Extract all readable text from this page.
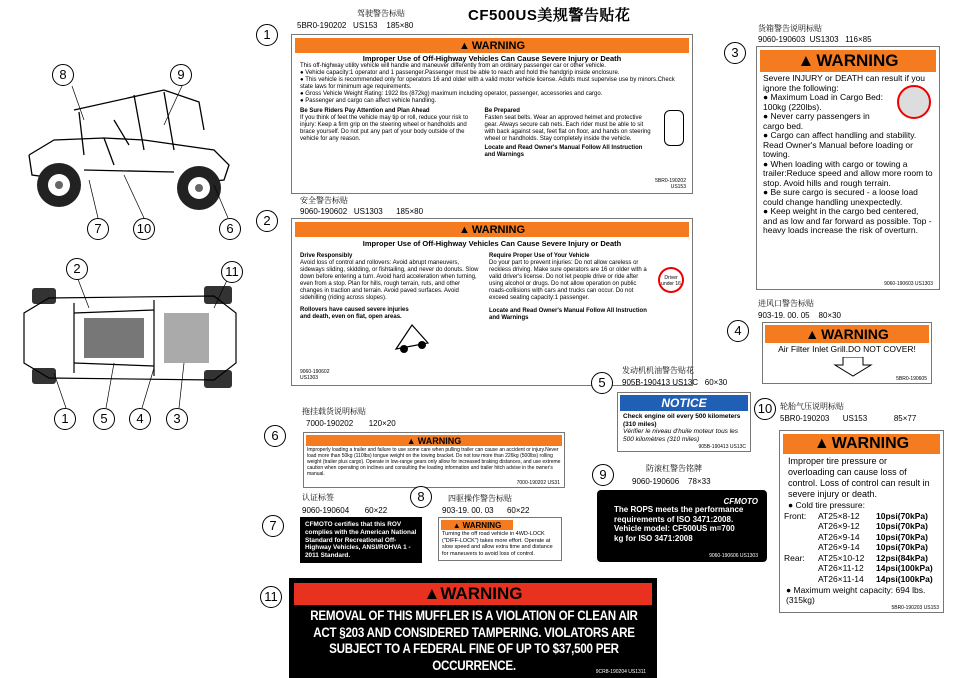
CF500US美规警告贴花
8	9
7	10	6
2	11
1	5	4	3
1
驾驶警告标贴
5BR0-190202 US153 185×80
▲ WARNING
Improper Use of Off-Highway Vehicles Can Cause Severe Injury or Death
This off-highway utility vehicle will handle and maneuver differently from an ordinary passenger car or other vehicle.
● Vehicle capacity:1 operator and 1 passenger.Passenger must be able to reach and hold the handgrip inside enclosure.
● This vehicle is recommended only for operators 16 and older with a valid motor vehicle license. Adults must supervise use by minors.Check state laws for minimum age requirements.
● Gross Vehicle Weight Rating: 1922 lbs (872kg) maximum including operator, passenger, accessories and cargo.
● Passenger and cargo can affect vehicle handling.
Be Sure Riders Pay Attention and Plan Ahead
If you think of feet the vehicle may tip or roll, reduce your risk to injury: Keep a firm grip on the steering wheel or handholds and brace yourself. Do not put any part of your body outside of the vehicle for any reason.
Be Prepared
Fasten seat belts. Wear an approved helmet and protective gear. Always secure cab nets. Each rider must be able to sit with back against seat, feet flat on floor, and hands on steering wheel or handholds. Stay completely inside the vehicle.
Locate and Read Owner's Manual Follow All Instruction and Warnings
5BR0-190202 US153
2
安全警告标贴
9060-190602 US1303 185×80
▲ WARNING
Improper Use of Off-Highway Vehicles Can Cause Severe Injury or Death
Drive Responsibly
Avoid loss of control and rollovers: Avoid abrupt maneuvers, sideways sliding, skidding, or fishtailing, and never do donuts. Slow down before entering a turn. Avoid hard acceleration when turning, even from a stop. Plan for hills, rough terrain, ruts, and other changes in traction and terrain. Avoid paved surfaces. Avoid sidehilling (riding across slopes).
Rollovers have caused severe injuries and death, even on flat, open areas.
Require Proper Use of Your Vehicle
Do your part to prevent injuries: Do not allow careless or reckless driving. Make sure operators are 16 or older with a valid driver's license. Do not let people drive or ride after using alcohol or drugs. Do not allow operation on public roads-collisions with cars and trucks can occur. Do not exceed seating capacity:1 passenger.
Locate and Read Owner's Manual Follow All Instruction and Warnings
Driver under 16
9060-190602 US1303
3
货箱警告说明标贴
9060-190603 US1303 116×85
▲ WARNING
Severe INJURY or DEATH can result if you ignore the following:
● Maximum Load in Cargo Bed: 100kg (220lbs).
● Never carry passengers in cargo bed.
● Cargo can affect handling and stability. Read Owner's Manual before loading or towing.
● When loading with cargo or towing a trailer:Reduce speed and allow more room to stop. Avoid hills and rough terrain.
● Be sure cargo is secured - a loose load could change handling unexpectedly.
● Keep weight in the cargo bed centered, and as low and far forward as possible. Top - heavy loads increase the risk of overturn.
9060-190603 US1303
4
进风口警告标贴
903-19. 00. 05 80×30
▲ WARNING
Air Filter Inlet Grill.DO NOT COVER!
5BR0-190605
5
发动机机油警告贴花
905B-190413 US13C 60×30
NOTICE
Check engine oil every 500 kilometers (310 miles)
Vérifier le niveau d'huile moteur tous les 500 kilomètres (310 miles)
905B-190413 US13C
6
拖挂载货说明标贴
7000-190202 120×20
▲ WARNING
Improperly loading a trailer and failure to use some care when pulling trailer can cause an accident or injury.Never load more than 50kg (110lbs) tongue weight on the towing bracket. Do not tow more than 226kg (500lbs) rolling weight (trailer plus cargo). Operate in low-range gears only allow for increased braking distances, and use extreme caution when operating on inclines and consulting the loading information and trailer hitch advise in the owner's manual.
7000-190202 US31
7
认证标签
9060-190604 60×22
CFMOTO certifies that this ROV complies with the American National Standard for Recreational Off-Highway Vehicles, ANSI/ROHVA 1 - 2011 Standard.
8	四驱操作警告标贴
903-19. 00. 03 60×22
▲ WARNING
Turning the off road vehicle in 4WD-LOCK ("DIFF-LOCK") takes more effort. Operate at slow speed and allow extra time and distance for maneuvers to avoid loss of control.
9	防滚杠警告铭牌
9060-190606 78×33
CFMOTO
The ROPS meets the performance requirements of ISO 3471:2008. Vehicle model: CF500US m=700 kg for ISO 3471:2008
9060-190606 US1303
10 轮胎气压说明标贴
5BR0-190203 US153	85×77
▲ WARNING
Improper tire pressure or overloading can cause loss of control. Loss of control can result in severe injury or death.
● Cold tire pressure:
Front:	AT25×8-12	10psi (70kPa)
AT26×9-12	10psi (70kPa)
AT26×9-14	10psi (70kPa)
AT26×9-14	10psi (70kPa)
Rear:	AT25×10-12	12psi (84kPa)
AT26×11-12	14psi (100kPa)
AT26×11-14	14psi (100kPa)
● Maximum weight capacity: 694 lbs. (315kg)
5BR0-190203 US153
11	▲WARNING
REMOVAL OF THIS MUFFLER IS A VIOLATION OF CLEAN AIR ACT §203 AND CONSIDERED TAMPERING. VIOLATORS ARE SUBJECT TO A FEDERAL FINE OF UP TO $37,500 PER OCCURRENCE.	9CR8-190204 US1311
